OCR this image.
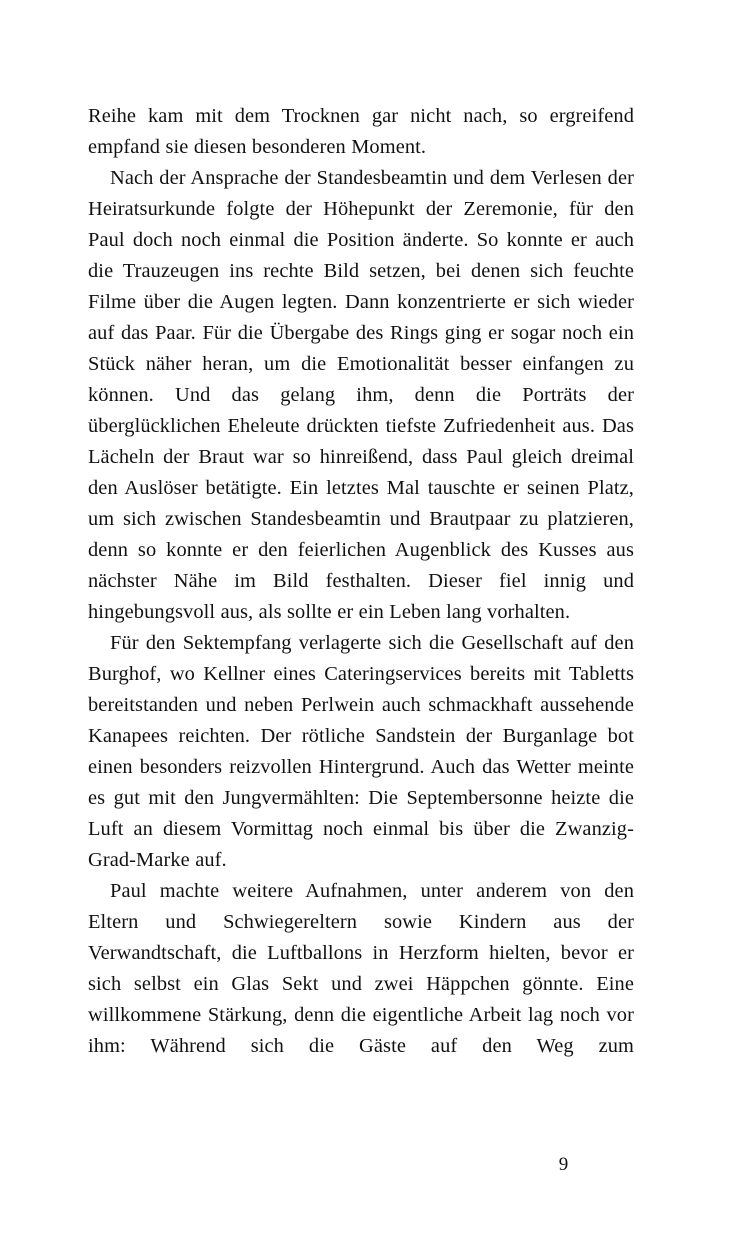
Reihe kam mit dem Trocknen gar nicht nach, so ergreifend empfand sie diesen besonderen Moment.

Nach der Ansprache der Standesbeamtin und dem Verlesen der Heiratsurkunde folgte der Höhepunkt der Zeremonie, für den Paul doch noch einmal die Position änderte. So konnte er auch die Trauzeugen ins rechte Bild setzen, bei denen sich feuchte Filme über die Augen legten. Dann konzentrierte er sich wieder auf das Paar. Für die Übergabe des Rings ging er sogar noch ein Stück näher heran, um die Emotionalität besser einfangen zu können. Und das gelang ihm, denn die Porträts der überglücklichen Eheleute drückten tiefste Zufriedenheit aus. Das Lächeln der Braut war so hinreißend, dass Paul gleich dreimal den Auslöser betätigte. Ein letztes Mal tauschte er seinen Platz, um sich zwischen Standesbeamtin und Brautpaar zu platzieren, denn so konnte er den feierlichen Augenblick des Kusses aus nächster Nähe im Bild festhalten. Dieser fiel innig und hingebungsvoll aus, als sollte er ein Leben lang vorhalten.

Für den Sektempfang verlagerte sich die Gesellschaft auf den Burghof, wo Kellner eines Cateringservices bereits mit Tabletts bereitstanden und neben Perlwein auch schmackhaft aussehende Kanapees reichten. Der rötliche Sandstein der Burganlage bot einen besonders reizvollen Hintergrund. Auch das Wetter meinte es gut mit den Jungvermählten: Die Septembersonne heizte die Luft an diesem Vormittag noch einmal bis über die Zwanzig-Grad-Marke auf.

Paul machte weitere Aufnahmen, unter anderem von den Eltern und Schwiegereltern sowie Kindern aus der Verwandtschaft, die Luftballons in Herzform hielten, bevor er sich selbst ein Glas Sekt und zwei Häppchen gönnte. Eine willkommene Stärkung, denn die eigentliche Arbeit lag noch vor ihm: Während sich die Gäste auf den Weg zum

9
